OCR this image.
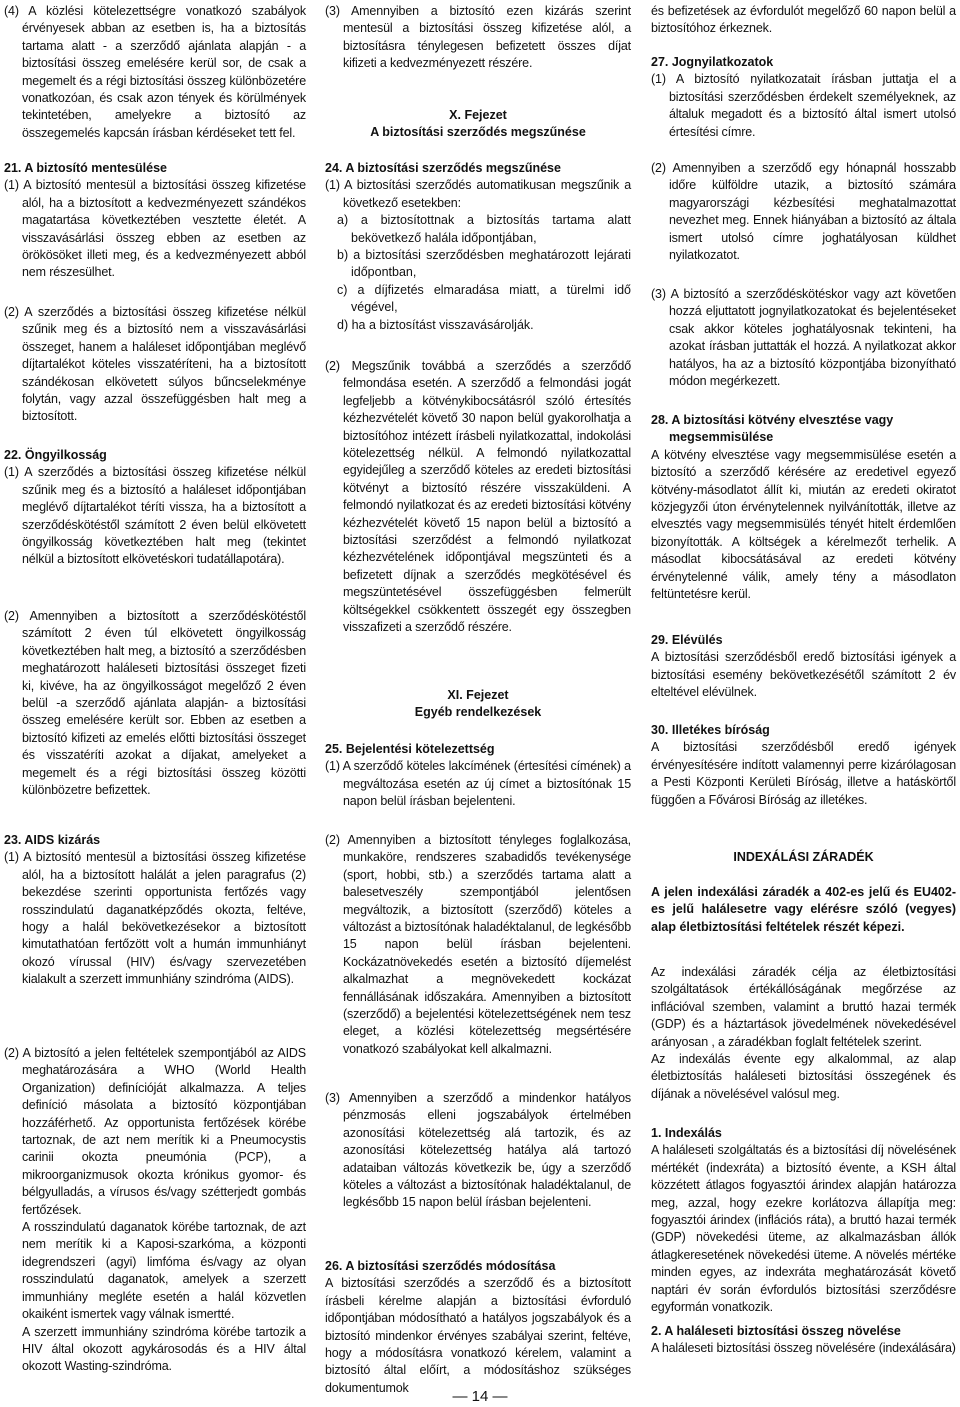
(4) A közlési kötelezettségre vonatkozó szabályok érvényesek abban az esetben is, ha a biztosítás tartama alatt - a szerződő ajánlata alapján - a biztosítási összeg emelésére kerül sor, de csak a megemelt és a régi biztosítási összeg különbözetére vonatkozóan, és csak azon tények és körülmények tekintetében, amelyekre a biztosító az összegemelés kapcsán írásban kérdéseket tett fel.

21. A biztosító mentesülése

(1) A biztosító mentesül a biztosítási összeg kifizetése alól, ha a biztosított a kedvezményezett szándékos magatartása következtében vesztette életét. A visszavásárlási összeg ebben az esetben az örökösöket illeti meg, és a kedvezményezett abból nem részesülhet.

(2) A szerződés a biztosítási összeg kifizetése nélkül szűnik meg és a biztosító nem a visszavásárlási összeget, hanem a haláleset időpontjában meglévő díjtartalékot köteles visszatéríteni, ha a biztosított szándékosan elkövetett súlyos bűncselekménye folytán, vagy azzal összefüggésben halt meg a biztosított.

22. Öngyilkosság

(1) A szerződés a biztosítási összeg kifizetése nélkül szűnik meg és a biztosító a haláleset időpontjában meglévő díjtartalékot téríti vissza, ha a biztosított a szerződéskötéstől számított 2 éven belül elkövetett öngyilkosság következtében halt meg (tekintet nélkül a biztosított elkövetéskori tudatállapotára).

(2) Amennyiben a biztosított a szerződéskötéstől számított 2 éven túl elkövetett öngyilkosság következtében halt meg, a biztosító a szerződésben meghatározott haláleseti biztosítási összeget fizeti ki, kivéve, ha az öngyilkosságot megelőző 2 éven belül -a szerződő ajánlata alapján- a biztosítási összeg emelésére került sor. Ebben az esetben a biztosító kifizeti az emelés előtti biztosítási összeget és visszatéríti azokat a díjakat, amelyeket a megemelt és a régi biztosítási összeg közötti különbözetre befizettek.

23. AIDS kizárás

(1) A biztosító mentesül a biztosítási összeg kifizetése alól, ha a biztosított halálát a jelen paragrafus (2) bekezdése szerinti opportunista fertőzés vagy rosszindulatú daganatképződés okozta, feltéve, hogy a halál bekövetkezésekor a biztosított kimutathatóan fertőzött volt a humán immunhiányt okozó vírussal (HIV) és/vagy szervezetében kialakult a szerzett immunhiány szindróma (AIDS).

(2) A biztosító a jelen feltételek szempontjából az AIDS meghatározására a WHO (World Health Organization) definícióját alkalmazza. A teljes definíció másolata a biztosító központjában hozzáférhető. Az opportunista fertőzések körébe tartoznak, de azt nem merítik ki a Pneumocystis carinii okozta pneumónia (PCP), a mikroorganizmusok okozta krónikus gyomor- és bélgyulladás, a vírusos és/vagy szétterjedt gombás fertőzések.

A rosszindulatú daganatok körébe tartoznak, de azt nem merítik ki a Kaposi-szarkóma, a központi idegrendszeri (agyi) limfóma és/vagy az olyan rosszindulatú daganatok, amelyek a szerzett immunhiány megléte esetén a halál közvetlen okaiként ismertek vagy válnak ismertté.

A szerzett immunhiány szindróma körébe tartozik a HIV által okozott agykárosodás és a HIV által okozott Wasting-szindróma.

(3) Amennyiben a biztosító ezen kizárás szerint mentesül a biztosítási összeg kifizetése alól, a biztosításra ténylegesen befizetett összes díjat kifizeti a kedvezményezett részére.

X. Fejezet

A biztosítási szerződés megszűnése

24. A biztosítási szerződés megszűnése

(1) A biztosítási szerződés automatikusan megszűnik a következő esetekben:

a) a biztosítottnak a biztosítás tartama alatt bekövetkező halála időpontjában,

b) a biztosítási szerződésben meghatározott lejárati időpontban,

c) a díjfizetés elmaradása miatt, a türelmi idő végével,

d) ha a biztosítást visszavásárolják.

(2) Megszűnik továbbá a szerződés a szerződő felmondása esetén. A szerződő a felmondási jogát legfeljebb a kötvénykibocsátásról szóló értesítés kézhezvételét követő 30 napon belül gyakorolhatja a biztosítóhoz intézett írásbeli nyilatkozattal, indokolási kötelezettség nélkül. A felmondó nyilatkozattal egyidejűleg a szerződő köteles az eredeti biztosítási kötvényt a biztosító részére visszaküldeni. A felmondó nyilatkozat és az eredeti biztosítási kötvény kézhezvételét követő 15 napon belül a biztosító a biztosítási szerződést a felmondó nyilatkozat kézhezvételének időpontjával megszünteti és a befizetett díjnak a szerződés megkötésével és megszüntetésével összefüggésben felmerült költségekkel csökkentett összegét egy összegben visszafizeti a szerződő részére.

XI. Fejezet

Egyéb rendelkezések

25. Bejelentési kötelezettség

(1) A szerződő köteles lakcímének (értesítési címének) a megváltozása esetén az új címet a biztosítónak 15 napon belül írásban bejelenteni.

(2) Amennyiben a biztosított tényleges foglalkozása, munkaköre, rendszeres szabadidős tevékenysége (sport, hobbi, stb.) a szerződés tartama alatt a balesetveszély szempontjából jelentősen megváltozik, a biztosított (szerződő) köteles a változást a biztosítónak haladéktalanul, de legkésőbb 15 napon belül írásban bejelenteni. Kockázatnövekedés esetén a biztosító díjemelést alkalmazhat a megnövekedett kockázat fennállásának időszakára. Amennyiben a biztosított (szerződő) a bejelentési kötelezettségének nem tesz eleget, a közlési kötelezettség megsértésére vonatkozó szabályokat kell alkalmazni.

(3) Amennyiben a szerződő a mindenkor hatályos pénzmosás elleni jogszabályok értelmében azonosítási kötelezettség alá tartozik, és az azonosítási kötelezettség hatálya alá tartozó adataiban változás következik be, úgy a szerződő köteles a változást a biztosítónak haladéktalanul, de legkésőbb 15 napon belül írásban bejelenteni.

26. A biztosítási szerződés módosítása

A biztosítási szerződés a szerződő és a biztosított írásbeli kérelme alapján a biztosítási évforduló időpontjában módosítható a hatályos jogszabályok és a biztosító mindenkor érvényes szabályai szerint, feltéve, hogy a módosításra vonatkozó kérelem, valamint a biztosító által előírt, a módosításhoz szükséges dokumentumok

és befizetések az évfordulót megelőző 60 napon belül a biztosítóhoz érkeznek.

27. Jognyilatkozatok

(1) A biztosító nyilatkozatait írásban juttatja el a biztosítási szerződésben érdekelt személyeknek, az általuk megadott és a biztosító által ismert utolsó értesítési címre.

(2) Amennyiben a szerződő egy hónapnál hosszabb időre külföldre utazik, a biztosító számára magyarországi kézbesítési meghatalmazottat nevezhet meg. Ennek hiányában a biztosító az általa ismert utolsó címre joghatályosan küldhet nyilatkozatot.

(3) A biztosító a szerződéskötéskor vagy azt követően hozzá eljuttatott jognyilatkozatokat és bejelentéseket csak akkor köteles joghatályosnak tekinteni, ha azokat írásban juttatták el hozzá. A nyilatkozat akkor hatályos, ha az a biztosító központjába bizonyítható módon megérkezett.

28. A biztosítási kötvény elvesztése vagy megsemmisülése

A kötvény elvesztése vagy megsemmisülése esetén a biztosító a szerződő kérésére az eredetivel egyező kötvény-másodlatot állít ki, miután az eredeti okiratot közjegyzői úton érvénytelennek nyilvánították, illetve az elvesztés vagy megsemmisülés tényét hitelt érdemlően bizonyították. A költségek a kérelmezőt terhelik. A másodlat kibocsátásával az eredeti kötvény érvénytelenné válik, amely tény a másodlaton feltüntetésre kerül.

29. Elévülés

A biztosítási szerződésből eredő biztosítási igények a biztosítási esemény bekövetkezésétől számított 2 év elteltével elévülnek.

30. Illetékes bíróság

A biztosítási szerződésből eredő igények érvényesítésére indított valamennyi perre kizárólagosan a Pesti Központi Kerületi Bíróság, illetve a hatáskörtől függően a Fővárosi Bíróság az illetékes.

INDEXÁLÁSI ZÁRADÉK

A jelen indexálási záradék a 402-es jelű és EU402-es jelű halálesetre vagy elérésre szóló (vegyes) alap életbiztosítási feltételek részét képezi.

Az indexálási záradék célja az életbiztosítási szolgáltatások értékállóságának megőrzése az inflációval szemben, valamint a bruttó hazai termék (GDP) és a háztartások jövedelmének növekedésével arányosan , a záradékban foglalt feltételek szerint.

Az indexálás évente egy alkalommal, az alap életbiztosítás haláleseti biztosítási összegének és díjának a növelésével valósul meg.

1. Indexálás

A haláleseti szolgáltatás és a biztosítási díj növelésének mértékét (indexráta) a biztosító évente, a KSH által közzétett átlagos fogyasztói árindex alapján határozza meg, azzal, hogy ezekre korlátozva állapítja meg: fogyasztói árindex (inflációs ráta), a bruttó hazai termék (GDP) növekedési üteme, az alkalmazásban állók átlagkeresetének növekedési üteme. A növelés mértéke minden egyes, az indexráta meghatározását követő naptári év során évfordulós biztosítási szerződésre egyformán vonatkozik.

2. A haláleseti biztosítási összeg növelése

A haláleseti biztosítási összeg növelésére (indexálására)

— 14 —
